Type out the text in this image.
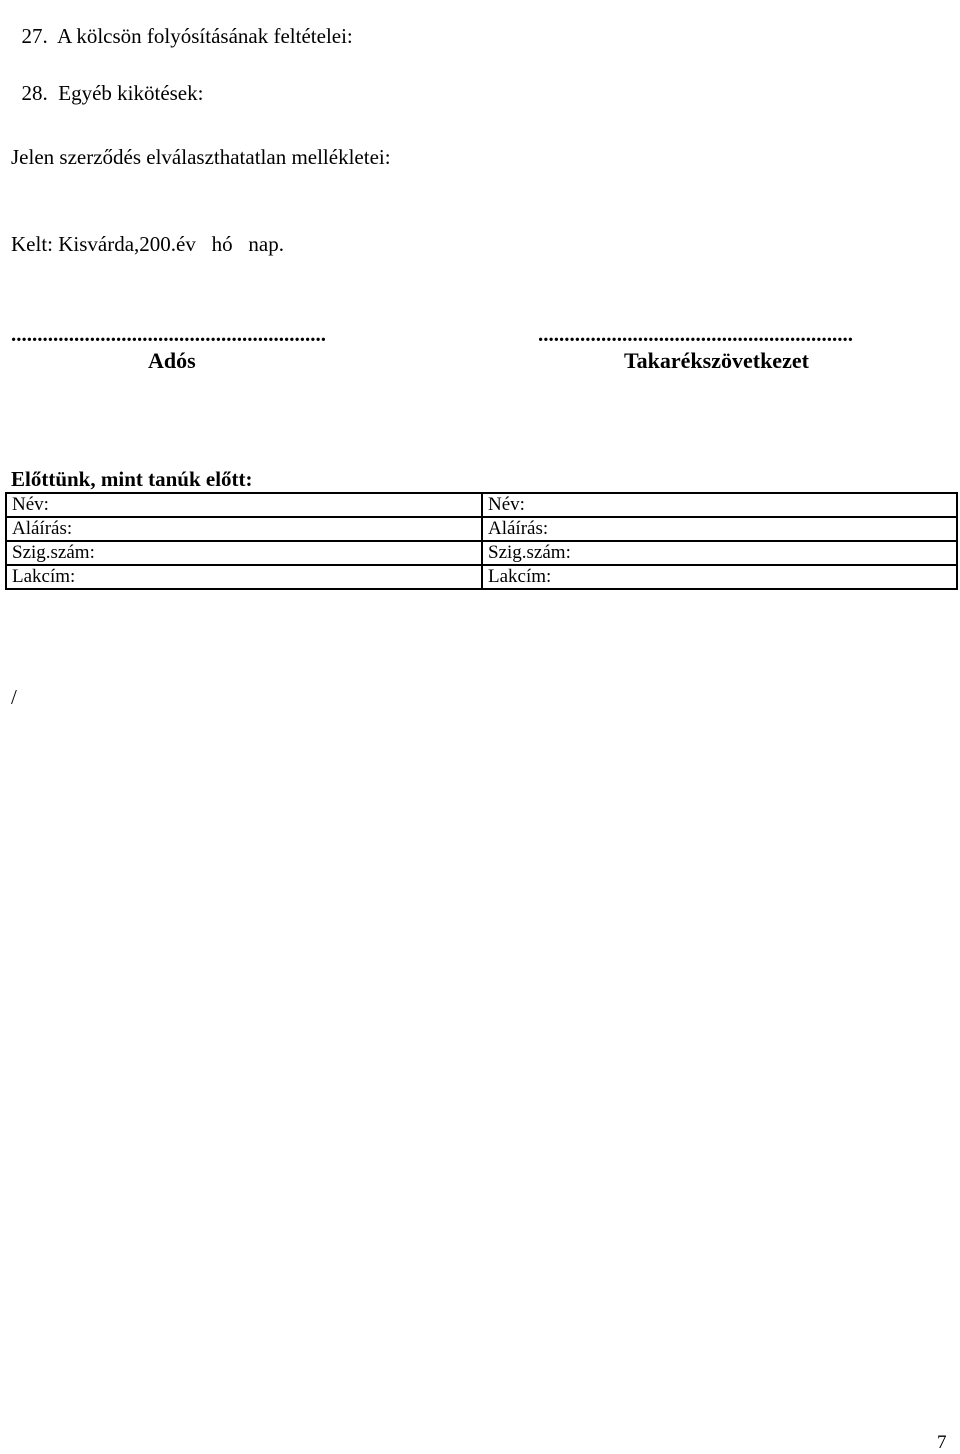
27. A kölcsön folyósításának feltételei:

28. Egyéb kikötések:

Jelen szerződés elválaszthatatlan mellékletei:
Kelt: Kisvárda,200.év   hó   nap.
............................................................	............................................................
Adós	Takarékszövetkezet
Előttünk, mint tanúk előtt:
Név:	Név:
Aláírás:	Aláírás:
Szig.szám:	Szig.szám:
Lakcím:	Lakcím:
/
7
